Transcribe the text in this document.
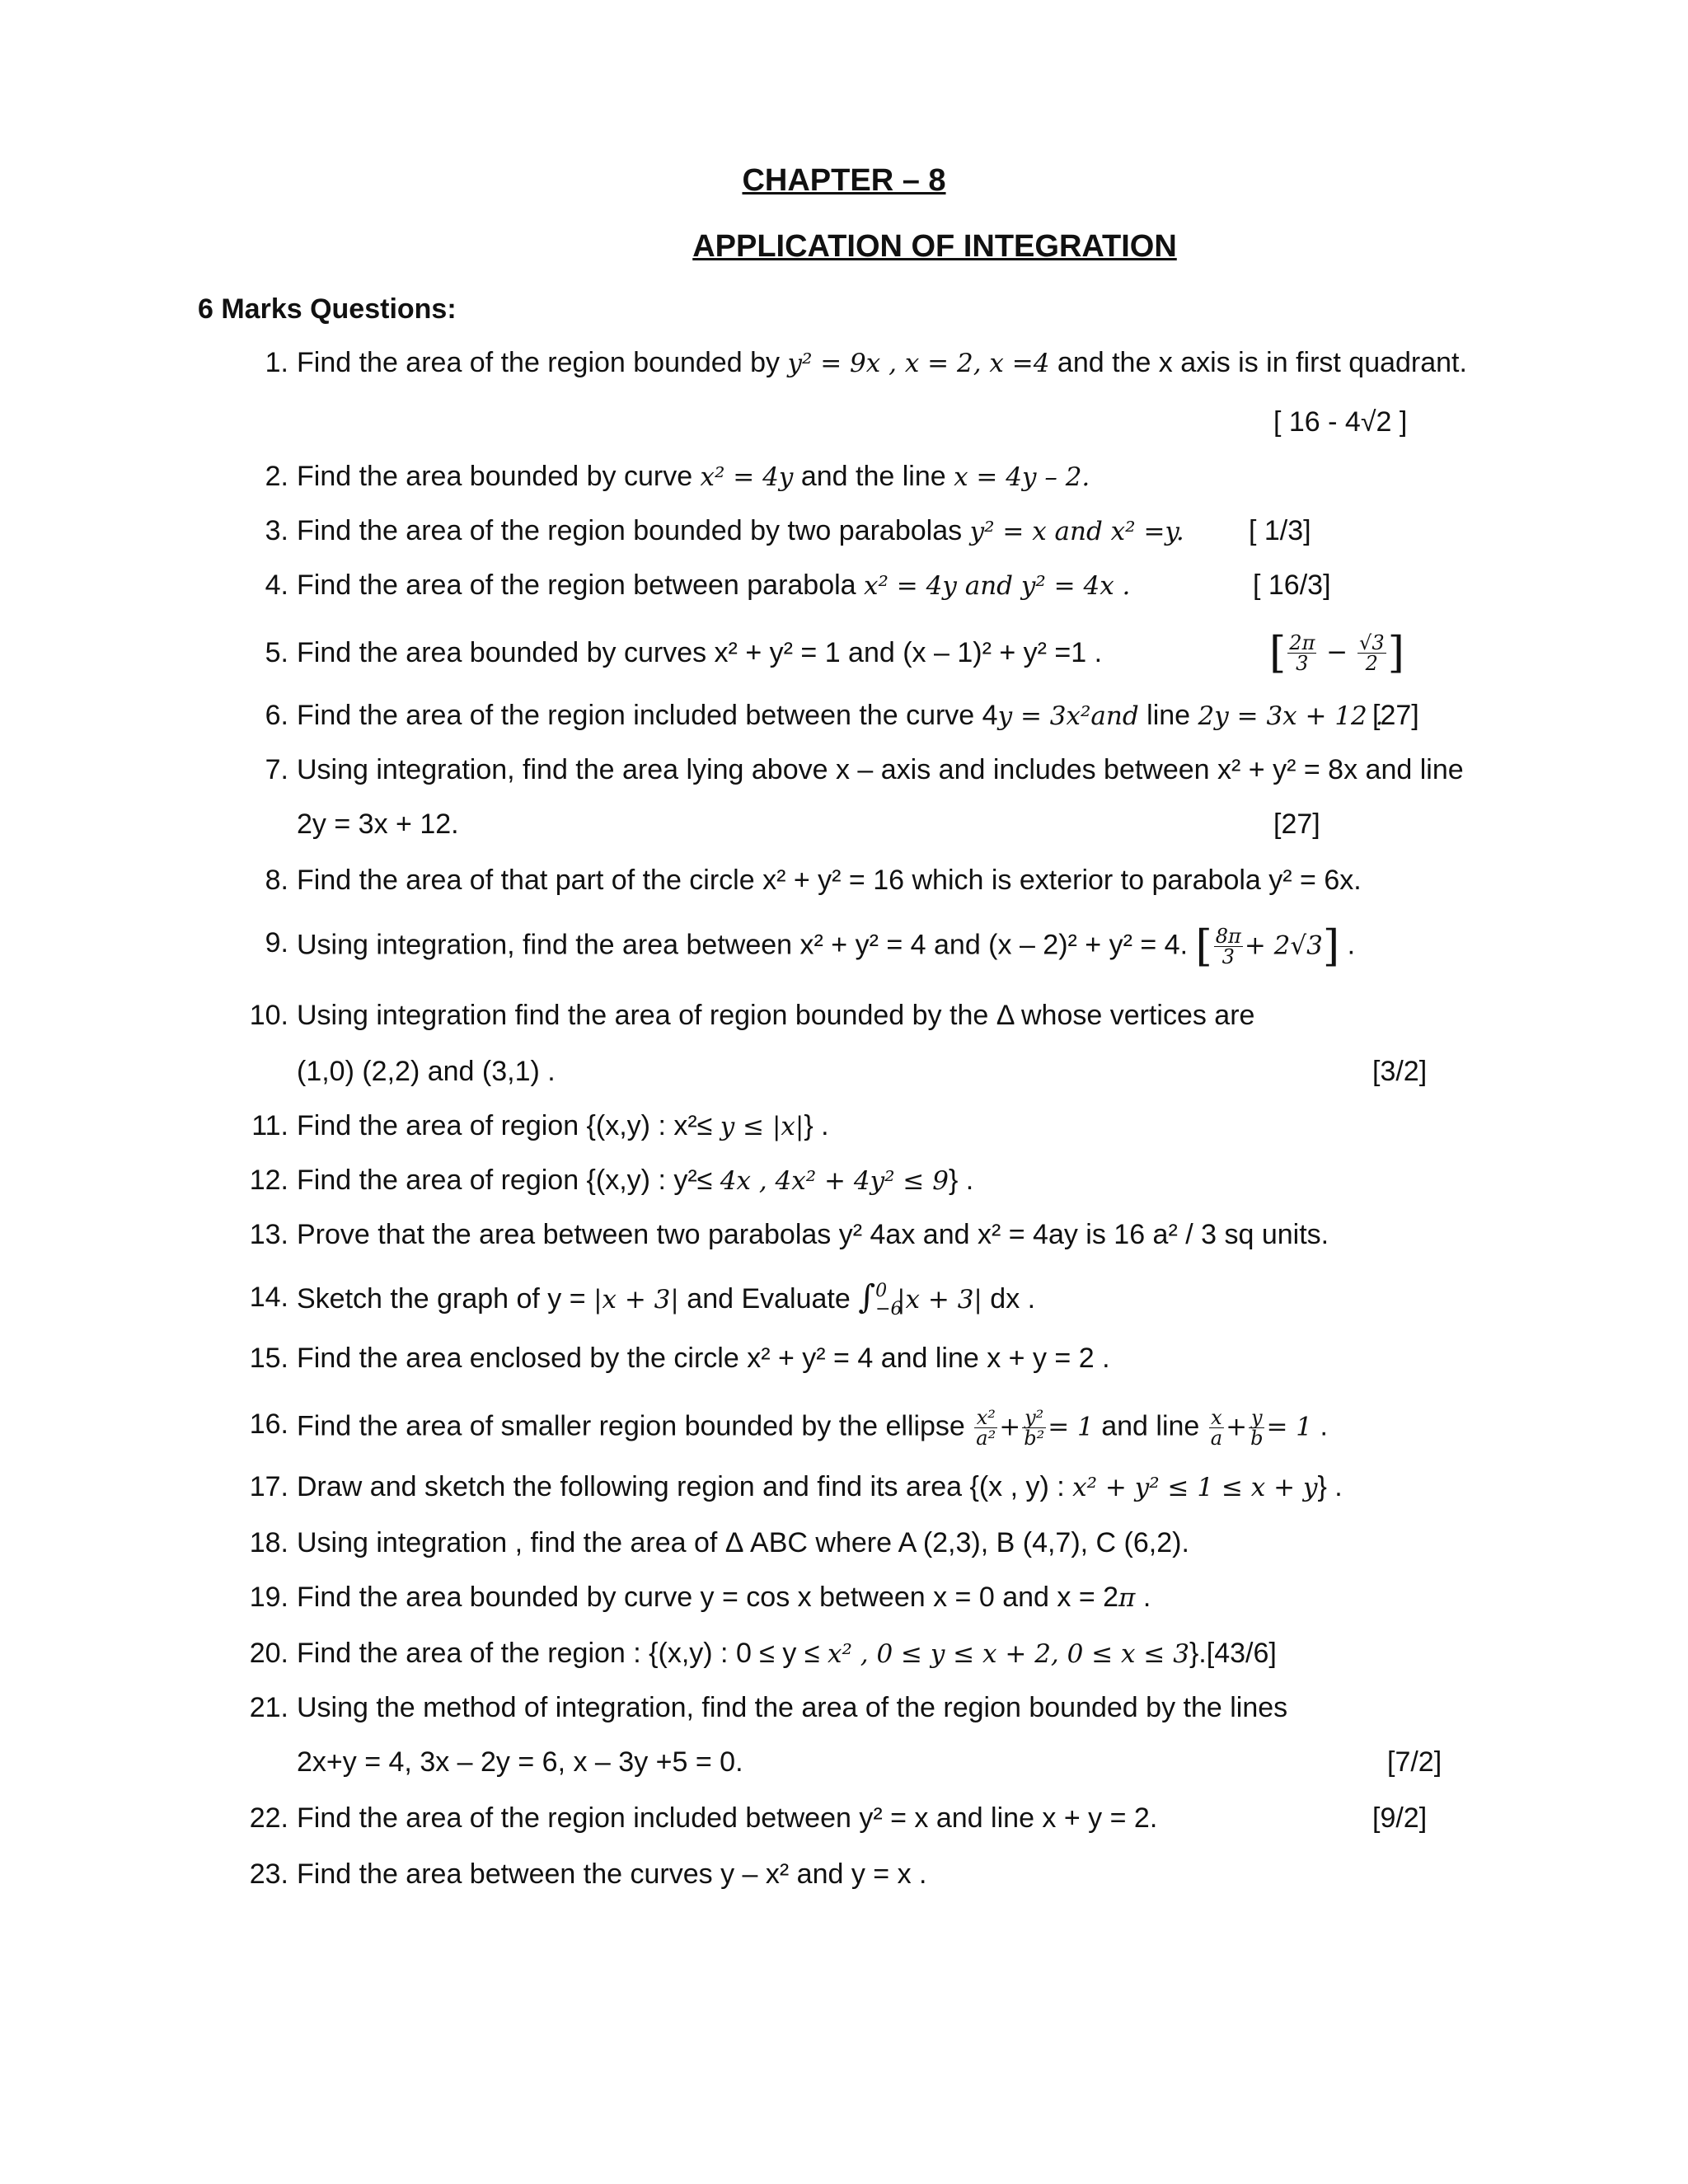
CHAPTER – 8
APPLICATION OF INTEGRATION
6 Marks Questions:
1. Find the area of the region bounded by y² = 9x , x = 2, x =4 and the x axis is in first quadrant.
[ 16 - 4√2 ]
2. Find the area bounded by curve x² = 4y and the line x = 4y – 2.
3. Find the area of the region bounded by two parabolas y² = x and x² =y. [ 1/3]
4. Find the area of the region between parabola x² = 4y and y² = 4x .	[ 16/3]
5. Find the area bounded by curves x² + y² = 1 and (x – 1)² + y² =1 .	[ $\frac{2\pi}{3} - \frac{√3}{2}$ ]
6. Find the area of the region included between the curve 4y = 3x²and line 2y = 3x + 12 .
[27]
7. Using integration, find the area lying above x – axis and includes between x² + y² = 8x and line
2y = 3x + 12.	[27]
8. Find the area of that part of the circle x² + y² = 16 which is exterior to parabola y² = 6x.
9. Using integration, find the area between x² + y² = 4 and (x – 2)² + y² = 4. [ $\frac{8\pi}{3} + 2√3$] .
10. Using integration find the area of region bounded by the Δ whose vertices are
(1,0) (2,2) and (3,1) .	[3/2]
11. Find the area of region {(x,y) : x²≤ y ≤ |x|} .
12. Find the area of region {(x,y) : y²≤ 4x , 4x² + 4y² ≤ 9} .
13. Prove that the area between two parabolas y² 4ax and x² = 4ay is 16 a² / 3 sq units.
14. Sketch the graph of y = |x + 3| and Evaluate ∫ 0
−6
|x + 3| dx .
15. Find the area enclosed by the circle x² + y² = 4 and line x + y = 2 .
16. Find the area of smaller region bounded by the ellipse $\frac{\text{x²}}{\text{a²}} + \frac{\text{y²}}{\text{b²}} = 1$ and line $\frac{x}{a} + \frac{y}{b} = 1$ .
17. Draw and sketch the following region and find its area {(x , y) : x² + y² ≤ 1 ≤ x + y} .
18. Using integration , find the area of Δ ABC where A (2,3), B (4,7), C (6,2).
19. Find the area bounded by curve y = cos x between x = 0 and x = 2π .
20. Find the area of the region : {(x,y) : 0 ≤ y ≤ x² , 0 ≤ y ≤ x + 2, 0 ≤ x ≤ 3}.[43/6]
21. Using the method of integration, find the area of the region bounded by the lines
2x+y = 4, 3x – 2y = 6, x – 3y +5 = 0.	[7/2]
22. Find the area of the region included between y² = x and line x + y = 2.	[9/2]
23. Find the area between the curves y – x² and y = x .
